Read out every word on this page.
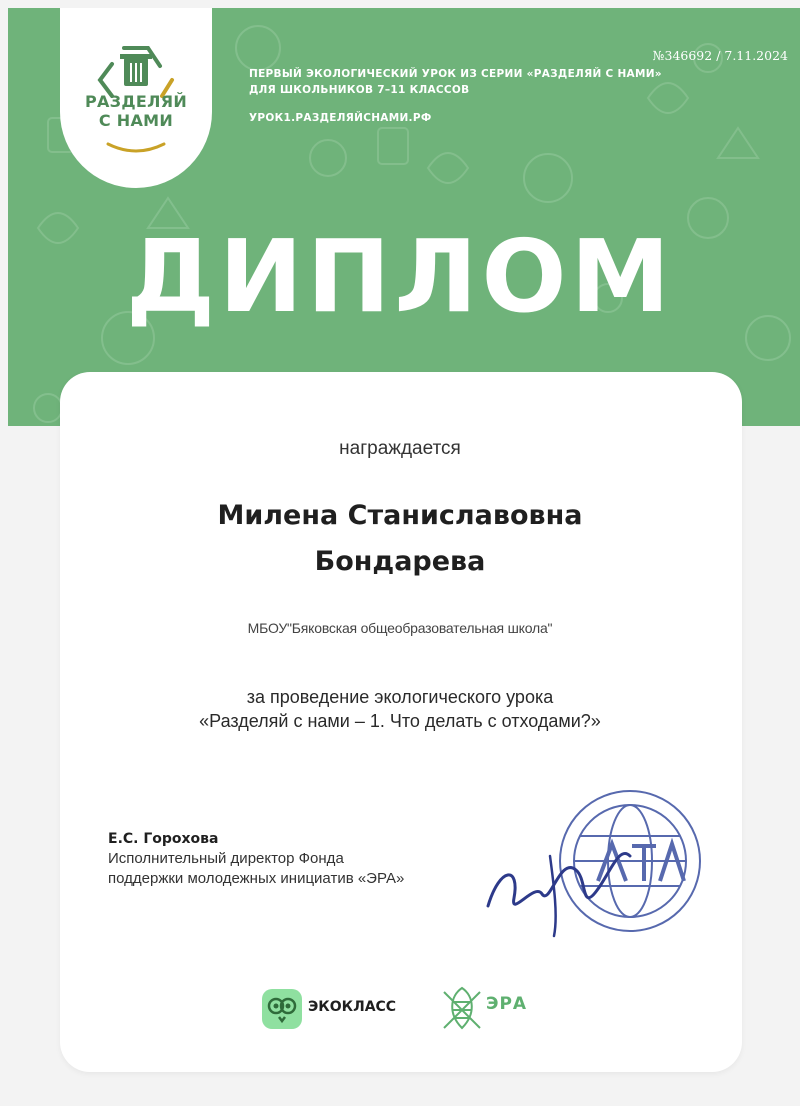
РАЗДЕЛЯЙ
С НАМИ
ПЕРВЫЙ ЭКОЛОГИЧЕСКИЙ УРОК ИЗ СЕРИИ «РАЗДЕЛЯЙ С НАМИ»
ДЛЯ ШКОЛЬНИКОВ 7–11 КЛАССОВ
УРОК1.РАЗДЕЛЯЙСНАМИ.РФ
№346692 / 7.11.2024
ДИПЛОМ
награждается
Милена Станиславовна
Бондарева
МБОУ"Бяковская общеобразовательная школа"
за проведение экологического урока
«Разделяй с нами – 1. Что делать с отходами?»
Е.С. Горохова
Исполнительный директор Фонда
поддержки молодежных инициатив «ЭРА»
ЭКОКЛАСС	ЭРА
